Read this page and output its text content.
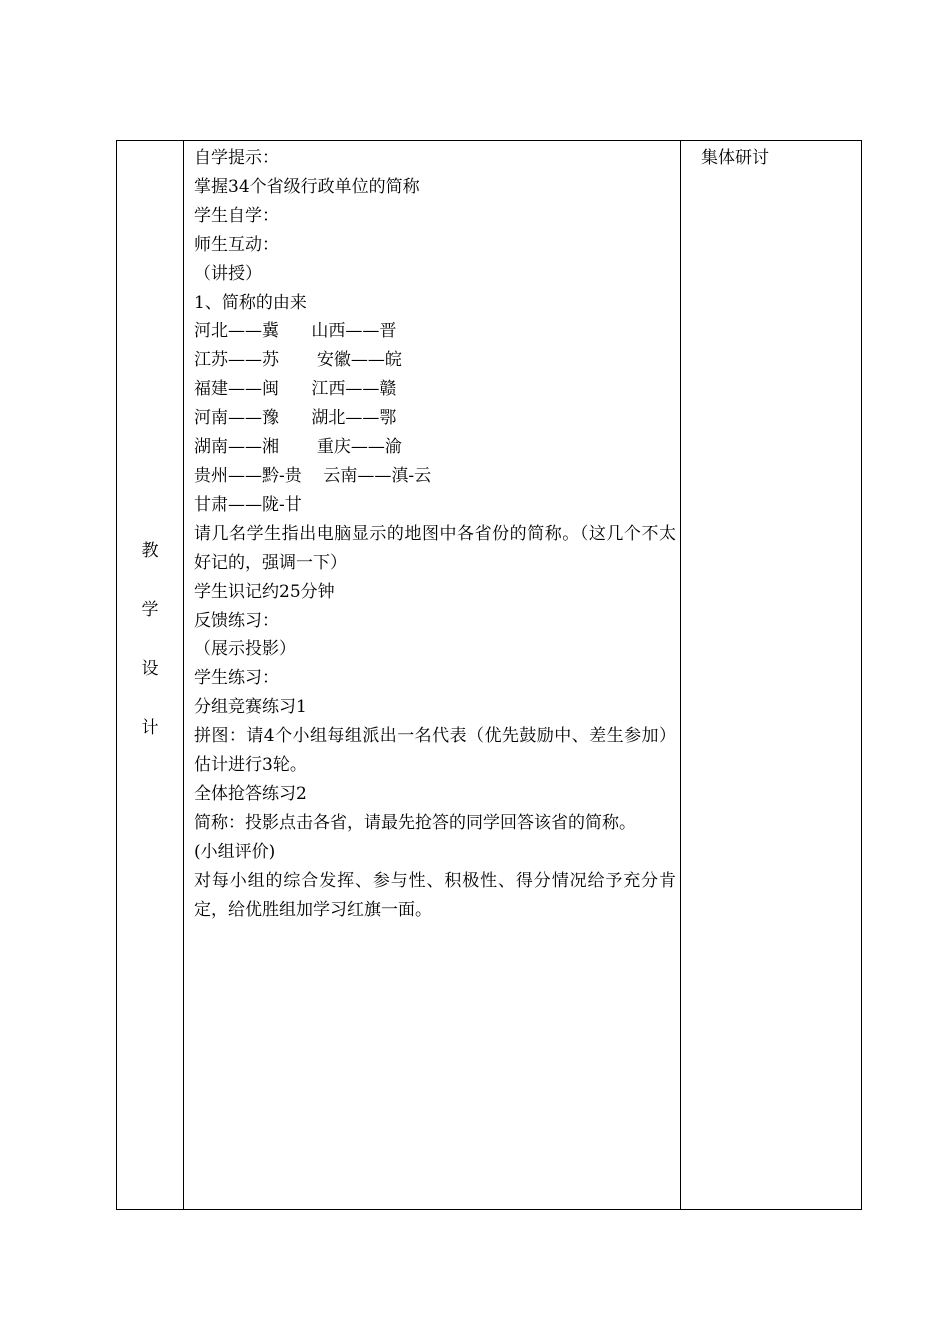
教
学
设
计
自学提示：
掌握34个省级行政单位的简称
学生自学：
师生互动：
（讲授）
1、简称的由来
河北——冀      山西——晋
江苏——苏       安徽——皖
福建——闽      江西——赣
河南——豫      湖北——鄂
湖南——湘       重庆——渝
贵州——黔-贵    云南——滇-云
甘肃——陇-甘
请几名学生指出电脑显示的地图中各省份的简称。（这几个不太好记的，强调一下）
学生识记约25分钟
反馈练习：
（展示投影）
学生练习：
分组竞赛练习1
拼图：请4个小组每组派出一名代表（优先鼓励中、差生参加）估计进行3轮。
全体抢答练习2
简称：投影点击各省，请最先抢答的同学回答该省的简称。
(小组评价)
对每小组的综合发挥、参与性、积极性、得分情况给予充分肯定，给优胜组加学习红旗一面。
集体研讨
